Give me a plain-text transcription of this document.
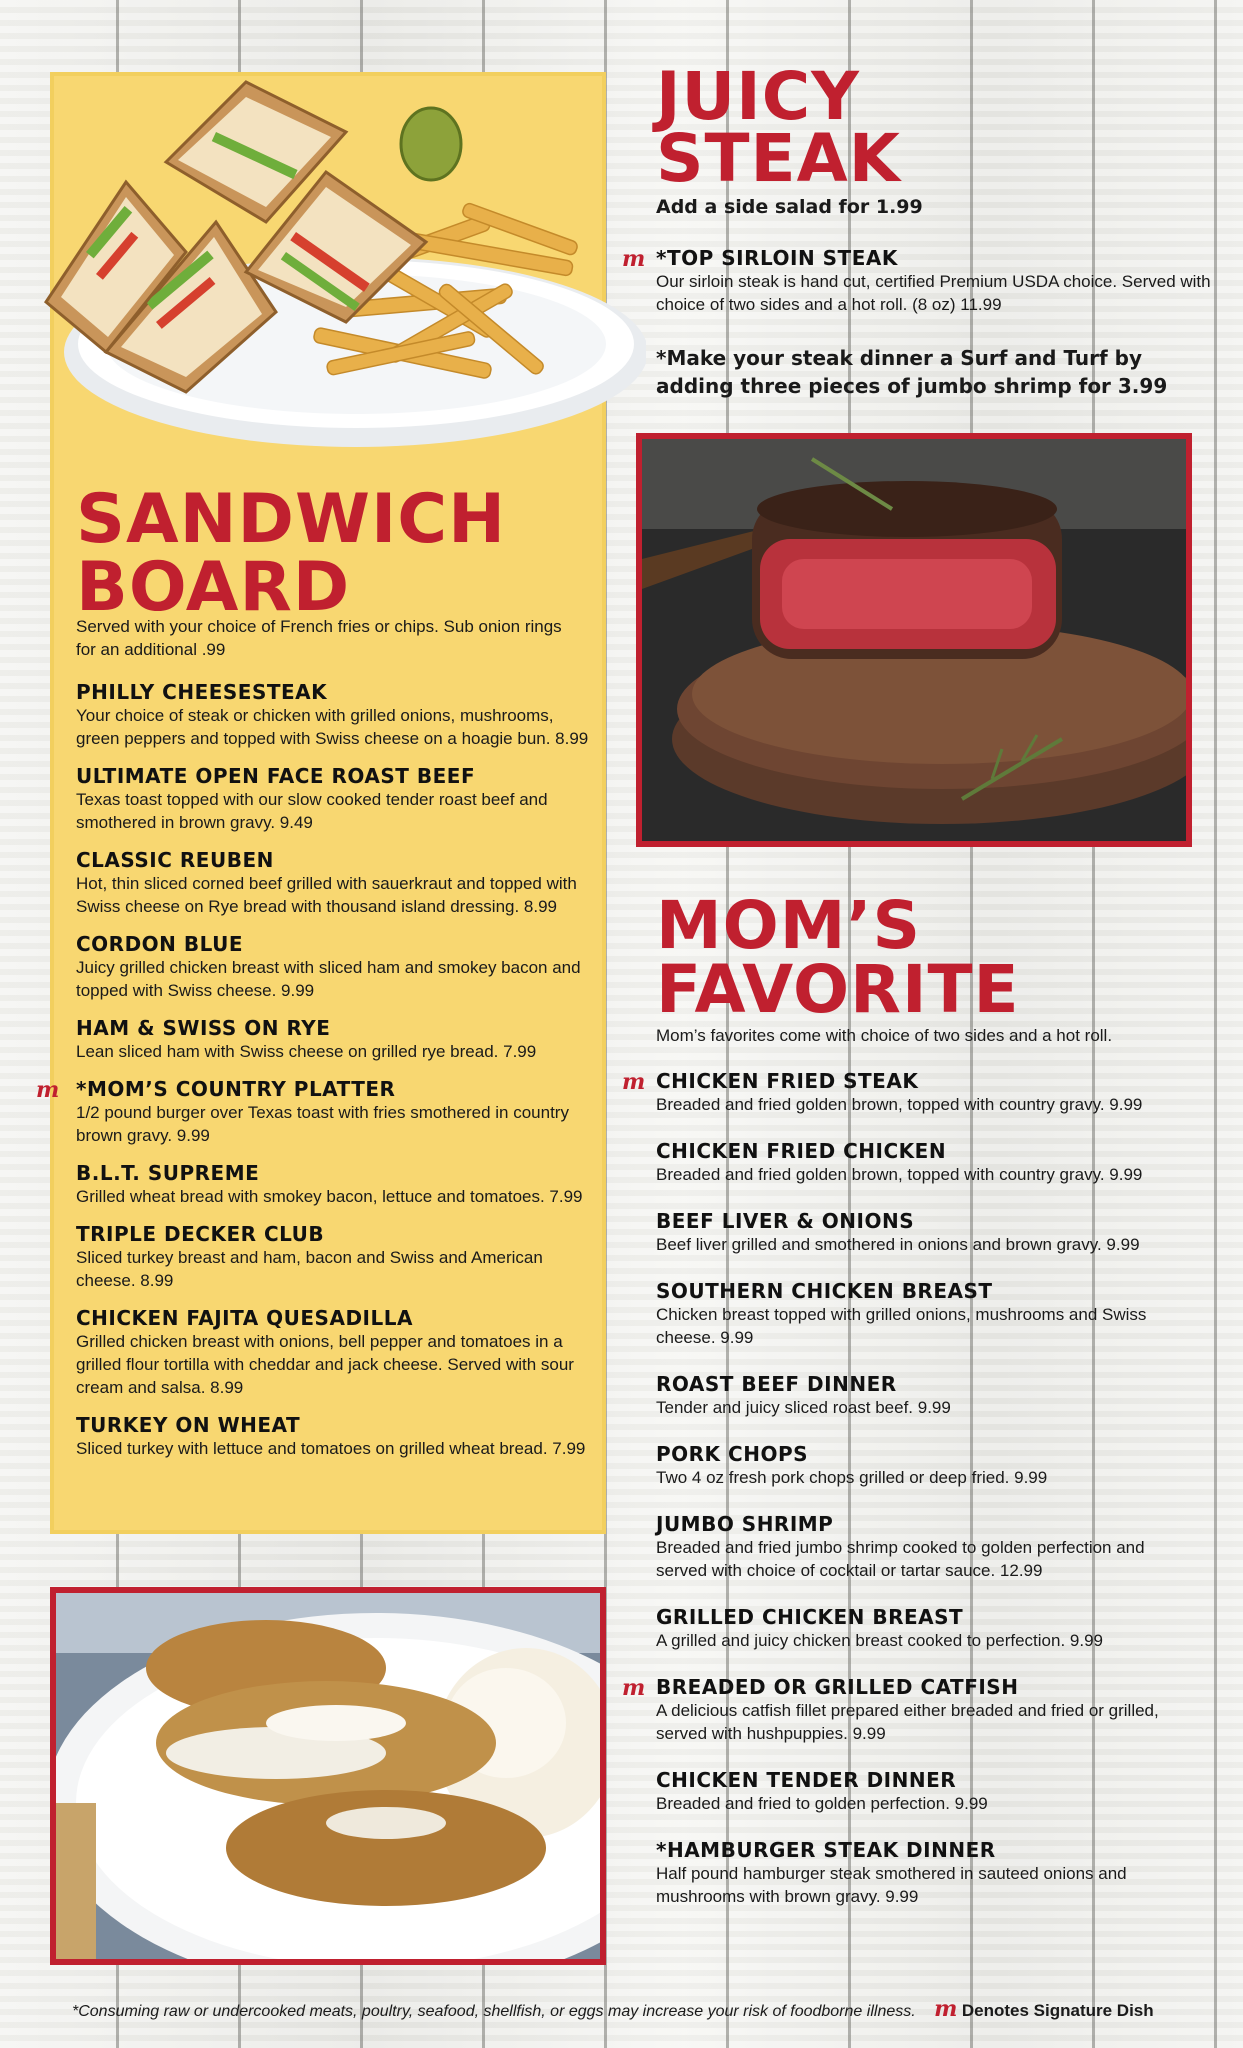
SANDWICH
BOARD
Served with your choice of French fries or chips. Sub onion rings for an additional .99
PHILLY CHEESESTEAK
Your choice of steak or chicken with grilled onions, mushrooms, green peppers and topped with Swiss cheese on a hoagie bun. 8.99
ULTIMATE OPEN FACE ROAST BEEF
Texas toast topped with our slow cooked tender roast beef and smothered in brown gravy. 9.49
CLASSIC REUBEN
Hot, thin sliced corned beef grilled with sauerkraut and topped with Swiss cheese on Rye bread with thousand island dressing. 8.99
CORDON BLUE
Juicy grilled chicken breast with sliced ham and smokey bacon and topped with Swiss cheese. 9.99
HAM & SWISS ON RYE
Lean sliced ham with Swiss cheese on grilled rye bread. 7.99
m *MOM’S COUNTRY PLATTER
1/2 pound burger over Texas toast with fries smothered in country brown gravy. 9.99
B.L.T. SUPREME
Grilled wheat bread with smokey bacon, lettuce and tomatoes. 7.99
TRIPLE DECKER CLUB
Sliced turkey breast and ham, bacon and Swiss and American cheese. 8.99
CHICKEN FAJITA QUESADILLA
Grilled chicken breast with onions, bell pepper and tomatoes in a grilled flour tortilla with cheddar and jack cheese. Served with sour cream and salsa. 8.99
TURKEY ON WHEAT
Sliced turkey with lettuce and tomatoes on grilled wheat bread. 7.99
JUICY
STEAK
Add a side salad for 1.99
m *TOP SIRLOIN STEAK
Our sirloin steak is hand cut, certified Premium USDA choice. Served with choice of two sides and a hot roll. (8 oz) 11.99
*Make your steak dinner a Surf and Turf by adding three pieces of jumbo shrimp for 3.99
MOM’S
FAVORITE
Mom’s favorites come with choice of two sides and a hot roll.
m CHICKEN FRIED STEAK
Breaded and fried golden brown, topped with country gravy. 9.99
CHICKEN FRIED CHICKEN
Breaded and fried golden brown, topped with country gravy. 9.99
BEEF LIVER & ONIONS
Beef liver grilled and smothered in onions and brown gravy. 9.99
SOUTHERN CHICKEN BREAST
Chicken breast topped with grilled onions, mushrooms and Swiss cheese. 9.99
ROAST BEEF DINNER
Tender and juicy sliced roast beef. 9.99
PORK CHOPS
Two 4 oz fresh pork chops grilled or deep fried. 9.99
JUMBO SHRIMP
Breaded and fried jumbo shrimp cooked to golden perfection and served with choice of cocktail or tartar sauce. 12.99
GRILLED CHICKEN BREAST
A grilled and juicy chicken breast cooked to perfection. 9.99
m BREADED OR GRILLED CATFISH
A delicious catfish fillet prepared either breaded and fried or grilled, served with hushpuppies. 9.99
CHICKEN TENDER DINNER
Breaded and fried to golden perfection. 9.99
*HAMBURGER STEAK DINNER
Half pound hamburger steak smothered in sauteed onions and mushrooms with brown gravy. 9.99
*Consuming raw or undercooked meats, poultry, seafood, shellfish, or eggs may increase your risk of foodborne illness. m Denotes Signature Dish
